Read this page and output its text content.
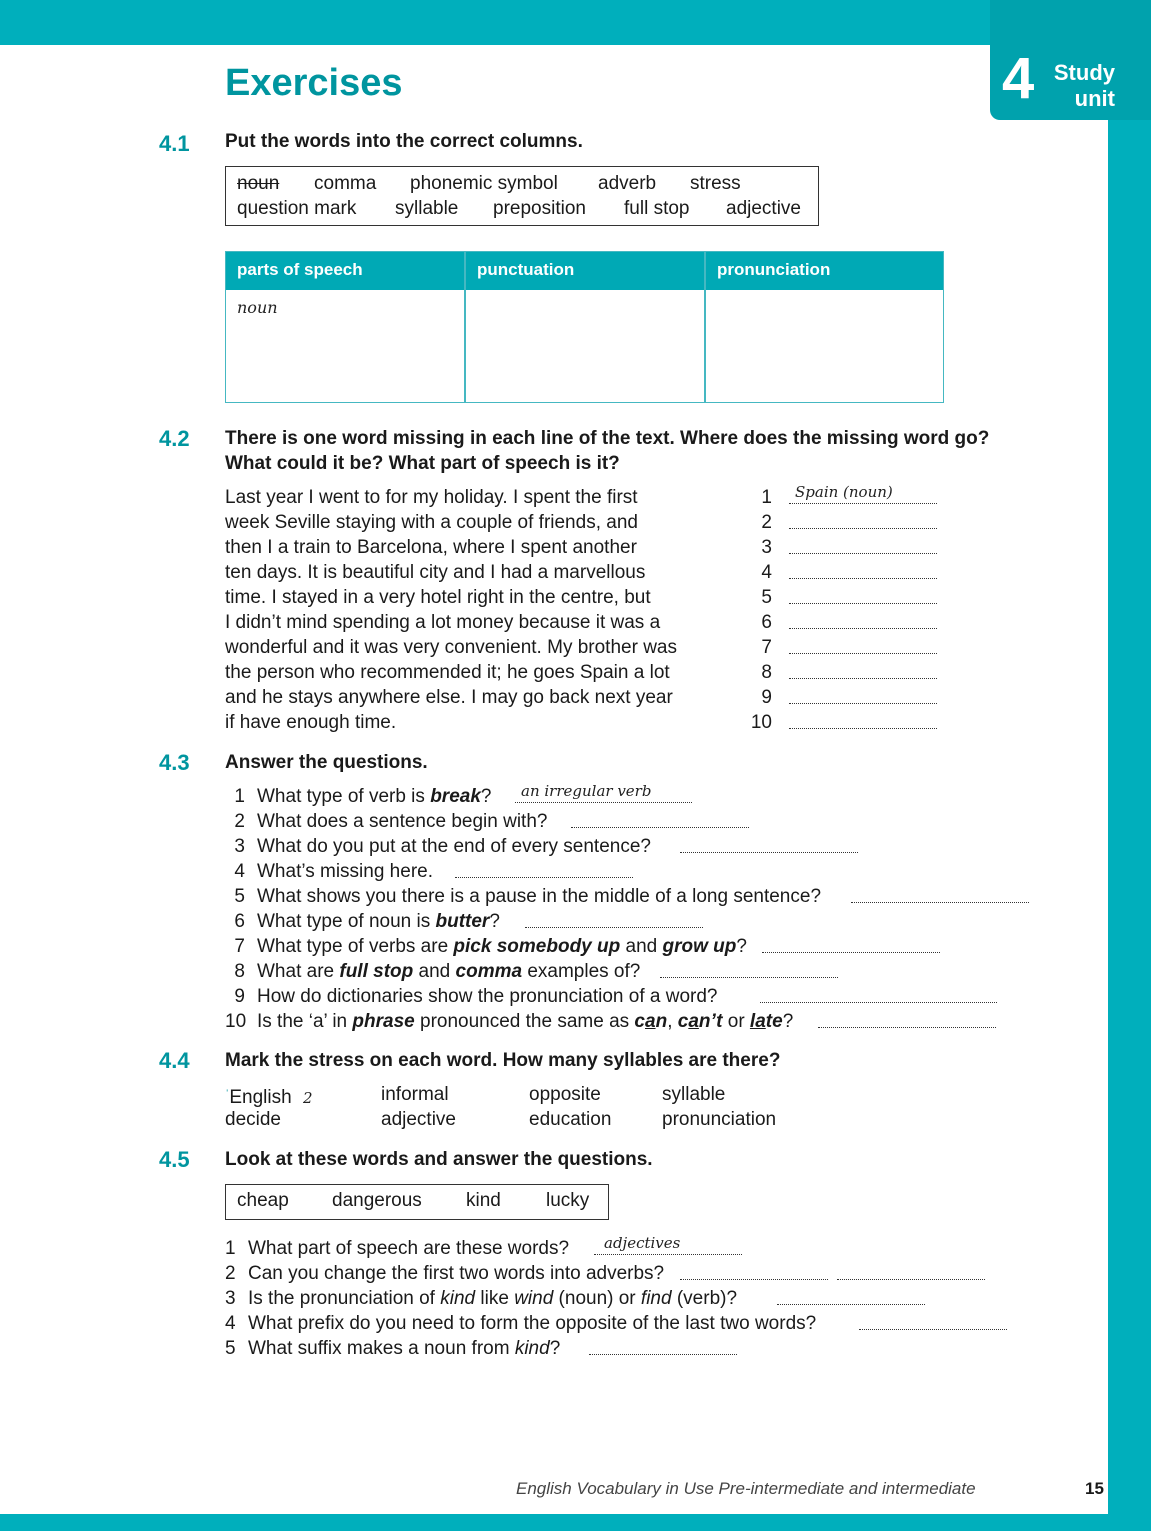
4 Study
unit
Exercises
4.1 Put the words into the correct columns.
noun comma phonemic symbol adverb stress
question mark syllable preposition full stop adjective
parts of speech	punctuation	pronunciation
noun
4.2 There is one word missing in each line of the text. Where does the missing word go?
What could it be? What part of speech is it?
Last year I went to for my holiday. I spent the first
week Seville staying with a couple of friends, and
then I a train to Barcelona, where I spent another
ten days. It is beautiful city and I had a marvellous
time. I stayed in a very hotel right in the centre, but
I didn’t mind spending a lot money because it was a
wonderful and it was very convenient. My brother was
the person who recommended it; he goes Spain a lot
and he stays anywhere else. I may go back next year
if have enough time.
1
2
3
4
5
6
7
8
9
10
Spain (noun)
4.3 Answer the questions.
1 What type of verb is break? an irregular verb
2 What does a sentence begin with?
3 What do you put at the end of every sentence?
4 What’s missing here.
5 What shows you there is a pause in the middle of a long sentence?
6 What type of noun is butter?
7 What type of verbs are pick somebody up and grow up?
8 What are full stop and comma examples of?
9 How do dictionaries show the pronunciation of a word?
10 Is the ‘a’ in phrase pronounced the same as can, can’t or late?
4.4 Mark the stress on each word. How many syllables are there?
$^ˈ$English 2	informal	opposite	syllable
decide	adjective	education	pronunciation
4.5 Look at these words and answer the questions.
cheap dangerous kind lucky
1 What part of speech are these words? adjectives
2 Can you change the first two words into adverbs?
3 Is the pronunciation of kind like wind (noun) or find (verb)?
4 What prefix do you need to form the opposite of the last two words?
5 What suffix makes a noun from kind?
English Vocabulary in Use Pre-intermediate and intermediate	15
